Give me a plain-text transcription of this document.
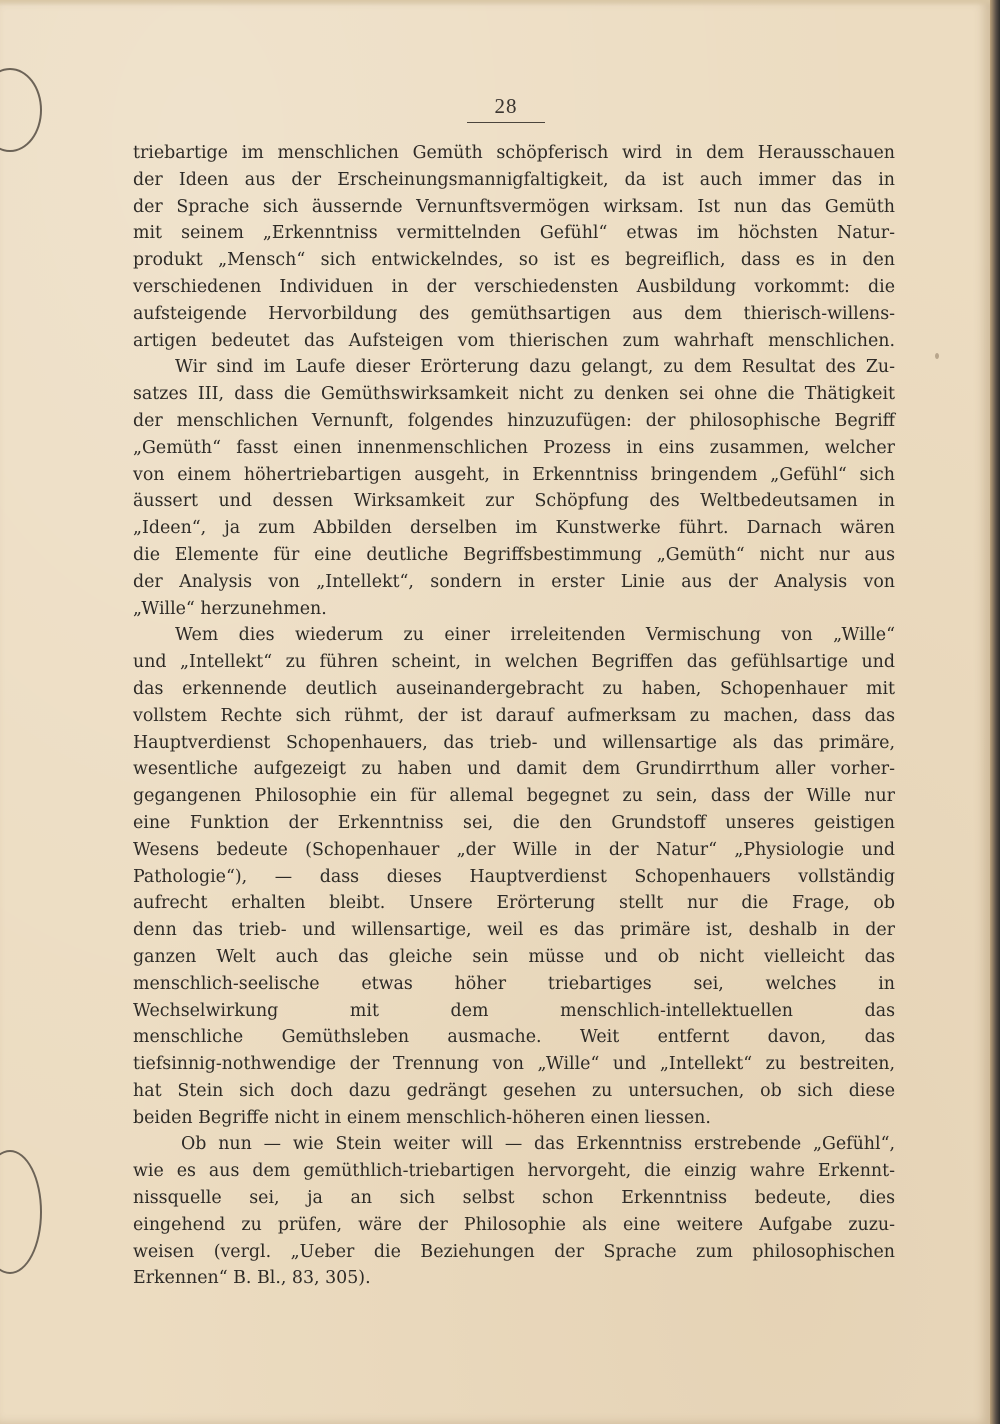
28
triebartige im menschlichen Gemüth schöpferisch wird in dem Herausschauen
der Ideen aus der Erscheinungsmannigfaltigkeit, da ist auch immer das in
der Sprache sich äussernde Vernunftsvermögen wirksam. Ist nun das Gemüth
mit seinem „Erkenntniss vermittelnden Gefühl“ etwas im höchsten Natur-
produkt „Mensch“ sich entwickelndes, so ist es begreiflich, dass es in den
verschiedenen Individuen in der verschiedensten Ausbildung vorkommt: die
aufsteigende Hervorbildung des gemüthsartigen aus dem thierisch-willens-
artigen bedeutet das Aufsteigen vom thierischen zum wahrhaft menschlichen.
Wir sind im Laufe dieser Erörterung dazu gelangt, zu dem Resultat des Zu-
satzes III, dass die Gemüthswirksamkeit nicht zu denken sei ohne die Thätigkeit
der menschlichen Vernunft, folgendes hinzuzufügen: der philosophische Begriff
„Gemüth“ fasst einen innenmenschlichen Prozess in eins zusammen, welcher
von einem höhertriebartigen ausgeht, in Erkenntniss bringendem „Gefühl“ sich
äussert und dessen Wirksamkeit zur Schöpfung des Weltbedeutsamen in
„Ideen“, ja zum Abbilden derselben im Kunstwerke führt. Darnach wären
die Elemente für eine deutliche Begriffsbestimmung „Gemüth“ nicht nur aus
der Analysis von „Intellekt“, sondern in erster Linie aus der Analysis von
„Wille“ herzunehmen.
Wem dies wiederum zu einer irreleitenden Vermischung von „Wille“
und „Intellekt“ zu führen scheint, in welchen Begriffen das gefühlsartige und
das erkennende deutlich auseinandergebracht zu haben, Schopenhauer mit
vollstem Rechte sich rühmt, der ist darauf aufmerksam zu machen, dass das
Hauptverdienst Schopenhauers, das trieb- und willensartige als das primäre,
wesentliche aufgezeigt zu haben und damit dem Grundirrthum aller vorher-
gegangenen Philosophie ein für allemal begegnet zu sein, dass der Wille nur
eine Funktion der Erkenntniss sei, die den Grundstoff unseres geistigen
Wesens bedeute (Schopenhauer „der Wille in der Natur“ „Physiologie und
Pathologie“), — dass dieses Hauptverdienst Schopenhauers vollständig
aufrecht erhalten bleibt. Unsere Erörterung stellt nur die Frage, ob
denn das trieb- und willensartige, weil es das primäre ist, deshalb in der
ganzen Welt auch das gleiche sein müsse und ob nicht vielleicht das
menschlich-seelische etwas höher triebartiges sei, welches in
Wechselwirkung mit dem menschlich-intellektuellen das
menschliche Gemüthsleben ausmache. Weit entfernt davon, das
tiefsinnig-nothwendige der Trennung von „Wille“ und „Intellekt“ zu bestreiten,
hat Stein sich doch dazu gedrängt gesehen zu untersuchen, ob sich diese
beiden Begriffe nicht in einem menschlich-höheren einen liessen.
Ob nun — wie Stein weiter will — das Erkenntniss erstrebende „Gefühl“,
wie es aus dem gemüthlich-triebartigen hervorgeht, die einzig wahre Erkennt-
nissquelle sei, ja an sich selbst schon Erkenntniss bedeute, dies
eingehend zu prüfen, wäre der Philosophie als eine weitere Aufgabe zuzu-
weisen (vergl. „Ueber die Beziehungen der Sprache zum philosophischen
Erkennen“ B. Bl., 83, 305).
